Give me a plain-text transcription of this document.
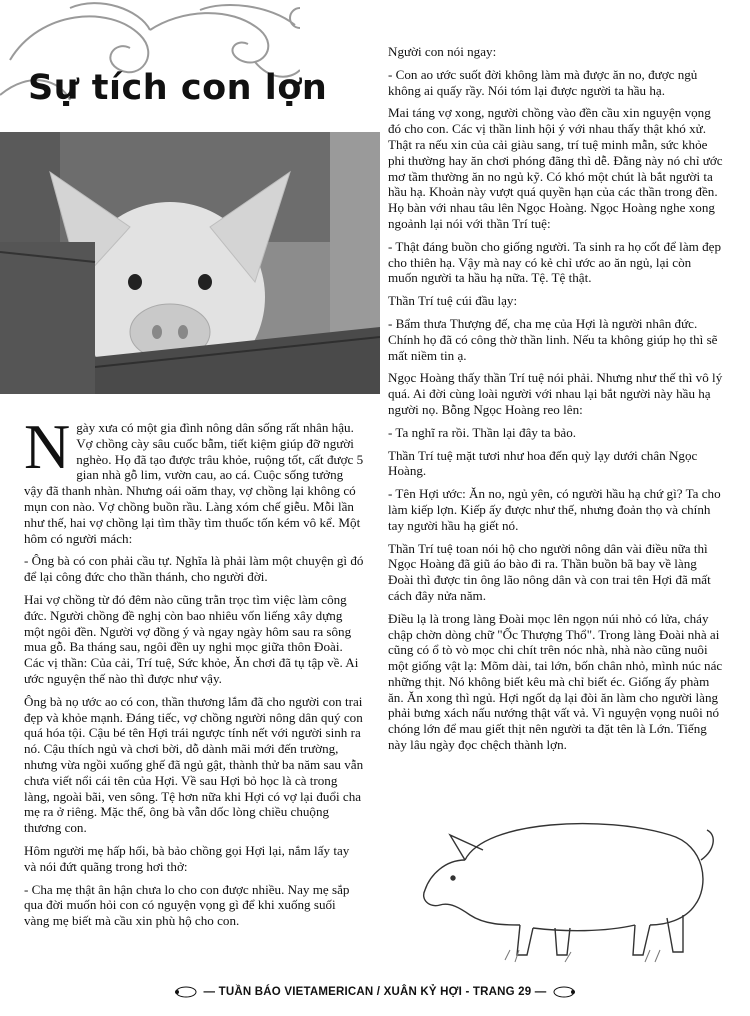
Sự tích con lợn

Ngày xưa có một gia đình nông dân sống rất nhân hậu. Vợ chồng cày sâu cuốc bẫm, tiết kiệm giúp đỡ người nghèo. Họ đã tạo được trâu khỏe, ruộng tốt, cất được 5 gian nhà gỗ lim, vườn cau, ao cá. Cuộc sống tưởng vậy đã thanh nhàn. Nhưng oái oăm thay, vợ chồng lại không có mụn con nào. Vợ chồng buồn rầu. Làng xóm chế giễu. Mỗi lần như thế, hai vợ chồng lại tìm thầy tìm thuốc tốn kém vô kể. Một hôm có người mách:

- Ông bà có con phải cầu tự. Nghĩa là phải làm một chuyện gì đó để lại công đức cho thần thánh, cho người đời.

Hai vợ chồng từ đó đêm nào cũng trằn trọc tìm việc làm công đức. Người chồng đề nghị còn bao nhiêu vốn liếng xây dựng một ngôi đền. Người vợ đồng ý và ngay ngày hôm sau ra sông mua gỗ. Ba tháng sau, ngôi đền uy nghi mọc giữa thôn Đoài. Các vị thần: Của cải, Trí tuệ, Sức khỏe, Ăn chơi đã tụ tập về. Ai ước nguyện thế nào thì được như vậy.

Ông bà nọ ước ao có con, thần thương lắm đã cho người con trai đẹp và khỏe mạnh. Đáng tiếc, vợ chồng người nông dân quý con quá hóa tội. Cậu bé tên Hợi trái ngược tính nết với người sinh ra nó. Cậu thích ngủ và chơi bời, dỗ dành mãi mới đến trường, nhưng vừa ngồi xuống ghế đã ngủ gật, thành thử ba năm sau vẫn chưa viết nổi cái tên của Hợi. Về sau Hợi bỏ học là cà trong làng, ngoài bãi, ven sông. Tệ hơn nữa khi Hợi có vợ lại đuổi cha mẹ ra ở riêng. Mặc thế, ông bà vẫn dốc lòng chiều chuộng thương con.

Hôm người mẹ hấp hối, bà bảo chồng gọi Hợi lại, nắm lấy tay và nói đứt quãng trong hơi thở:

- Cha mẹ thật ân hận chưa lo cho con được nhiều. Nay mẹ sắp qua đời muốn hỏi con có nguyện vọng gì để khi xuống suối vàng mẹ biết mà cầu xin phù hộ cho con.

Người con nói ngay:

- Con ao ước suốt đời không làm mà được ăn no, được ngủ không ai quấy rầy. Nói tóm lại được người ta hầu hạ.

Mai táng vợ xong, người chồng vào đền cầu xin nguyện vọng đó cho con. Các vị thần linh hội ý với nhau thấy thật khó xử. Thật ra nếu xin của cải giàu sang, trí tuệ minh mẫn, sức khỏe phi thường hay ăn chơi phóng đãng thì dễ. Đằng này nó chỉ ước mơ tầm thường ăn no ngủ kỹ. Có khó một chút là bắt người ta hầu hạ. Khoản này vượt quá quyền hạn của các thần trong đền. Họ bàn với nhau tâu lên Ngọc Hoàng. Ngọc Hoàng nghe xong ngoảnh lại nói với thần Trí tuệ:

- Thật đáng buồn cho giống người. Ta sinh ra họ cốt để làm đẹp cho thiên hạ. Vậy mà nay có kẻ chỉ ước ao ăn ngủ, lại còn muốn người ta hầu hạ nữa. Tệ. Tệ thật.

Thần Trí tuệ cúi đầu lạy:

- Bẩm thưa Thượng đế, cha mẹ của Hợi là người nhân đức. Chính họ đã có công thờ thần linh. Nếu ta không giúp họ thì sẽ mất niềm tin ạ.

Ngọc Hoàng thấy thần Trí tuệ nói phải. Nhưng như thế thì vô lý quá. Ai đời cùng loài người với nhau lại bắt người này hầu hạ người nọ. Bỗng Ngọc Hoàng reo lên:

- Ta nghĩ ra rồi. Thần lại đây ta bảo.

Thần Trí tuệ mặt tươi như hoa đến quỳ lạy dưới chân Ngọc Hoàng.

- Tên Hợi ước: Ăn no, ngủ yên, có người hầu hạ chứ gì? Ta cho làm kiếp lợn. Kiếp ấy được như thế, nhưng đoản thọ và chính tay người hầu hạ giết nó.

Thần Trí tuệ toan nói hộ cho người nông dân vài điều nữa thì Ngọc Hoàng đã giũ áo bào đi ra. Thần buồn bã bay về làng Đoài thì được tin ông lão nông dân và con trai tên Hợi đã mất cách đây nửa năm.

Điều lạ là trong làng Đoài mọc lên ngọn núi nhỏ có lửa, cháy chập chờn dòng chữ "Ốc Thượng Thổ". Trong làng Đoài nhà ai cũng có ổ tò vò mọc chi chít trên nóc nhà, nhà nào cũng nuôi một giống vật lạ: Mõm dài, tai lớn, bốn chân nhỏ, mình núc nác những thịt. Nó không biết kêu mà chỉ biết éc. Giống ấy phàm ăn. Ăn xong thì ngủ. Hợi ngốt dạ lại đòi ăn làm cho người làng phải bưng xách nấu nướng thật vất vả. Vì nguyện vọng nuôi nó chóng lớn để mau giết thịt nên người ta đặt tên là Lớn. Tiếng này lâu ngày đọc chệch thành lợn.

— TUẦN BÁO VIETAMERICAN / XUÂN KỶ HỢI - TRANG 29 —
